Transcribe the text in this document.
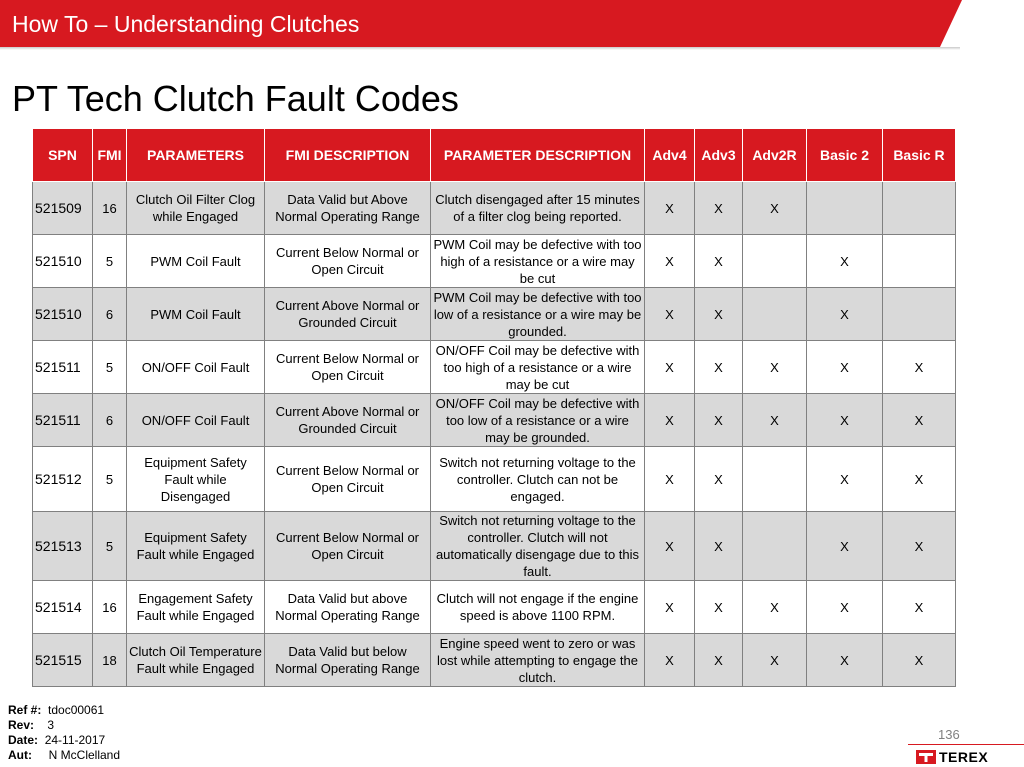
How To – Understanding Clutches
PT Tech Clutch Fault Codes
SPN	FMI	PARAMETERS	FMI DESCRIPTION	PARAMETER DESCRIPTION	Adv4	Adv3	Adv2R	Basic 2	Basic R
521509	16	Clutch Oil Filter Clog while Engaged	Data Valid but Above Normal Operating Range	Clutch disengaged after 15 minutes of a filter clog being reported.	X	X	X		
521510	5	PWM Coil Fault	Current Below Normal or Open Circuit	PWM Coil may be defective with too high of a resistance or a wire may be cut	X	X		X	
521510	6	PWM Coil Fault	Current Above Normal or Grounded Circuit	PWM Coil may be defective with too low of a resistance or a wire may be grounded.	X	X		X	
521511	5	ON/OFF Coil Fault	Current Below Normal or Open Circuit	ON/OFF Coil may be defective with too high of a resistance or a wire may be cut	X	X	X	X	X
521511	6	ON/OFF Coil Fault	Current Above Normal or Grounded Circuit	ON/OFF Coil may be defective with too low of a resistance or a wire may be grounded.	X	X	X	X	X
521512	5	Equipment Safety Fault while Disengaged	Current Below Normal or Open Circuit	Switch not returning voltage to the controller. Clutch can not be engaged.	X	X		X	X
521513	5	Equipment Safety Fault while Engaged	Current Below Normal or Open Circuit	Switch not returning voltage to the controller. Clutch will not automatically disengage due to this fault.	X	X		X	X
521514	16	Engagement Safety Fault while Engaged	Data Valid but above Normal Operating Range	Clutch will not engage if the engine speed is above 1100 RPM.	X	X	X	X	X
521515	18	Clutch Oil Temperature Fault while Engaged	Data Valid but below Normal Operating Range	Engine speed went to zero or was lost while attempting to engage the clutch.	X	X	X	X	X
Ref #: tdoc00061
Rev: 3
Date: 24-11-2017
Aut: N McClelland
136
TEREX
